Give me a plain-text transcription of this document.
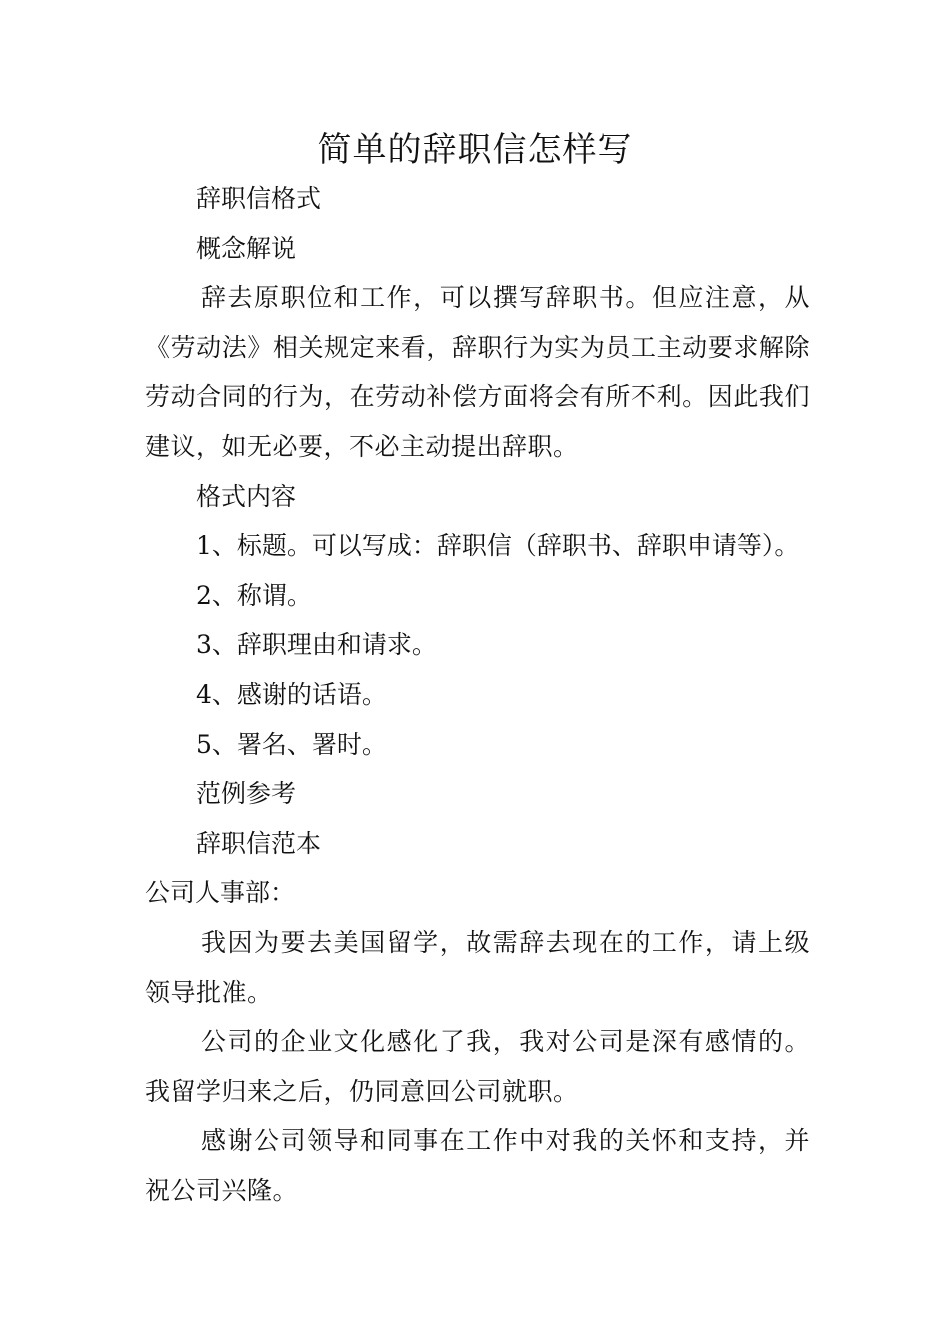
简单的辞职信怎样写

辞职信格式

概念解说

辞去原职位和工作，可以撰写辞职书。但应注意，从《劳动法》相关规定来看，辞职行为实为员工主动要求解除劳动合同的行为，在劳动补偿方面将会有所不利。因此我们建议，如无必要，不必主动提出辞职。

格式内容

1、标题。可以写成：辞职信（辞职书、辞职申请等）。

2、称谓。

3、辞职理由和请求。

4、感谢的话语。

5、署名、署时。

范例参考

辞职信范本

公司人事部：

我因为要去美国留学，故需辞去现在的工作，请上级领导批准。

公司的企业文化感化了我，我对公司是深有感情的。我留学归来之后，仍同意回公司就职。

感谢公司领导和同事在工作中对我的关怀和支持，并祝公司兴隆。
